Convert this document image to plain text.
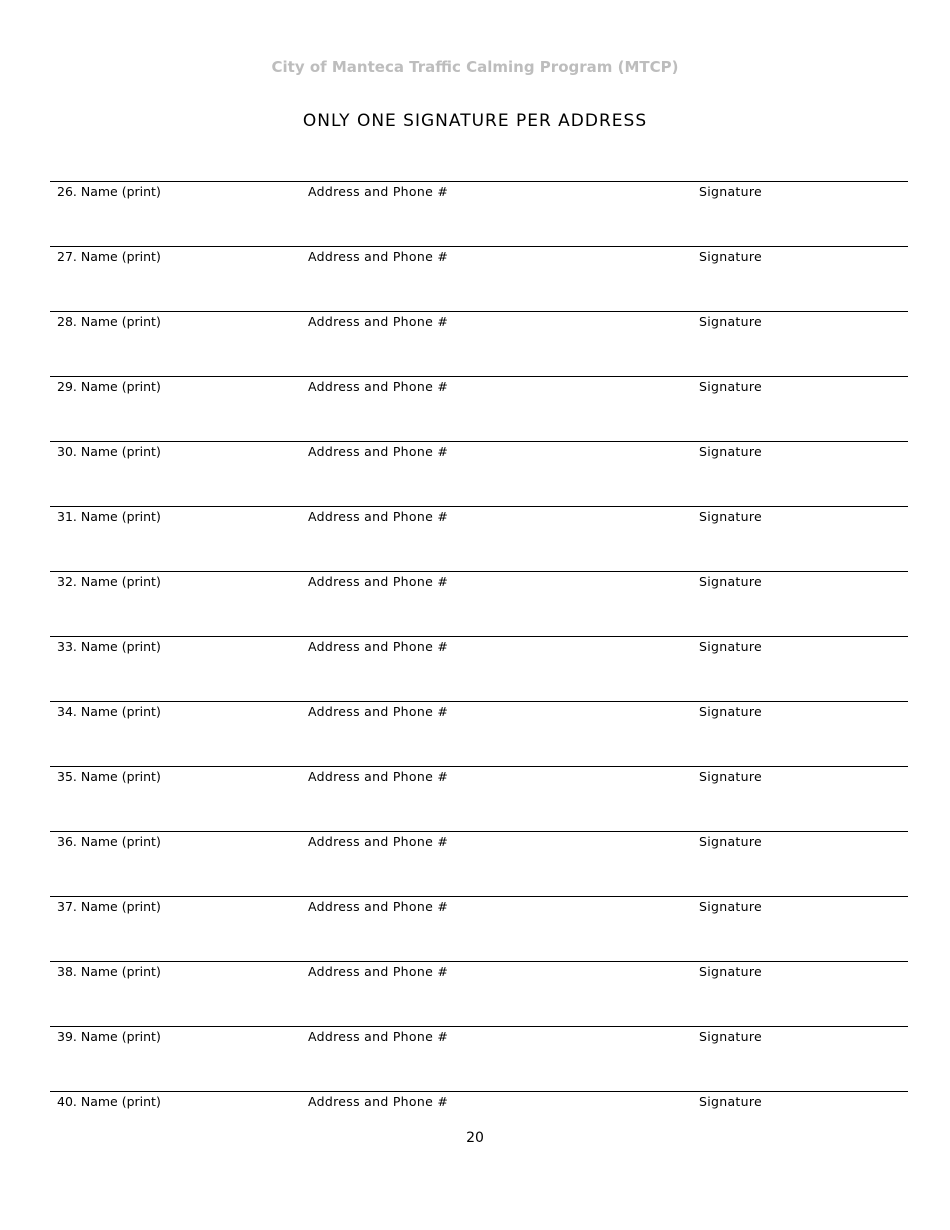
City of Manteca Traffic Calming Program (MTCP)
ONLY ONE SIGNATURE PER ADDRESS
26. Name (print)	Address and Phone #	Signature
27. Name (print)	Address and Phone #	Signature
28. Name (print)	Address and Phone #	Signature
29. Name (print)	Address and Phone #	Signature
30. Name (print)	Address and Phone #	Signature
31. Name (print)	Address and Phone #	Signature
32. Name (print)	Address and Phone #	Signature
33. Name (print)	Address and Phone #	Signature
34. Name (print)	Address and Phone #	Signature
35. Name (print)	Address and Phone #	Signature
36. Name (print)	Address and Phone #	Signature
37. Name (print)	Address and Phone #	Signature
38. Name (print)	Address and Phone #	Signature
39. Name (print)	Address and Phone #	Signature
40. Name (print)	Address and Phone #	Signature
20
